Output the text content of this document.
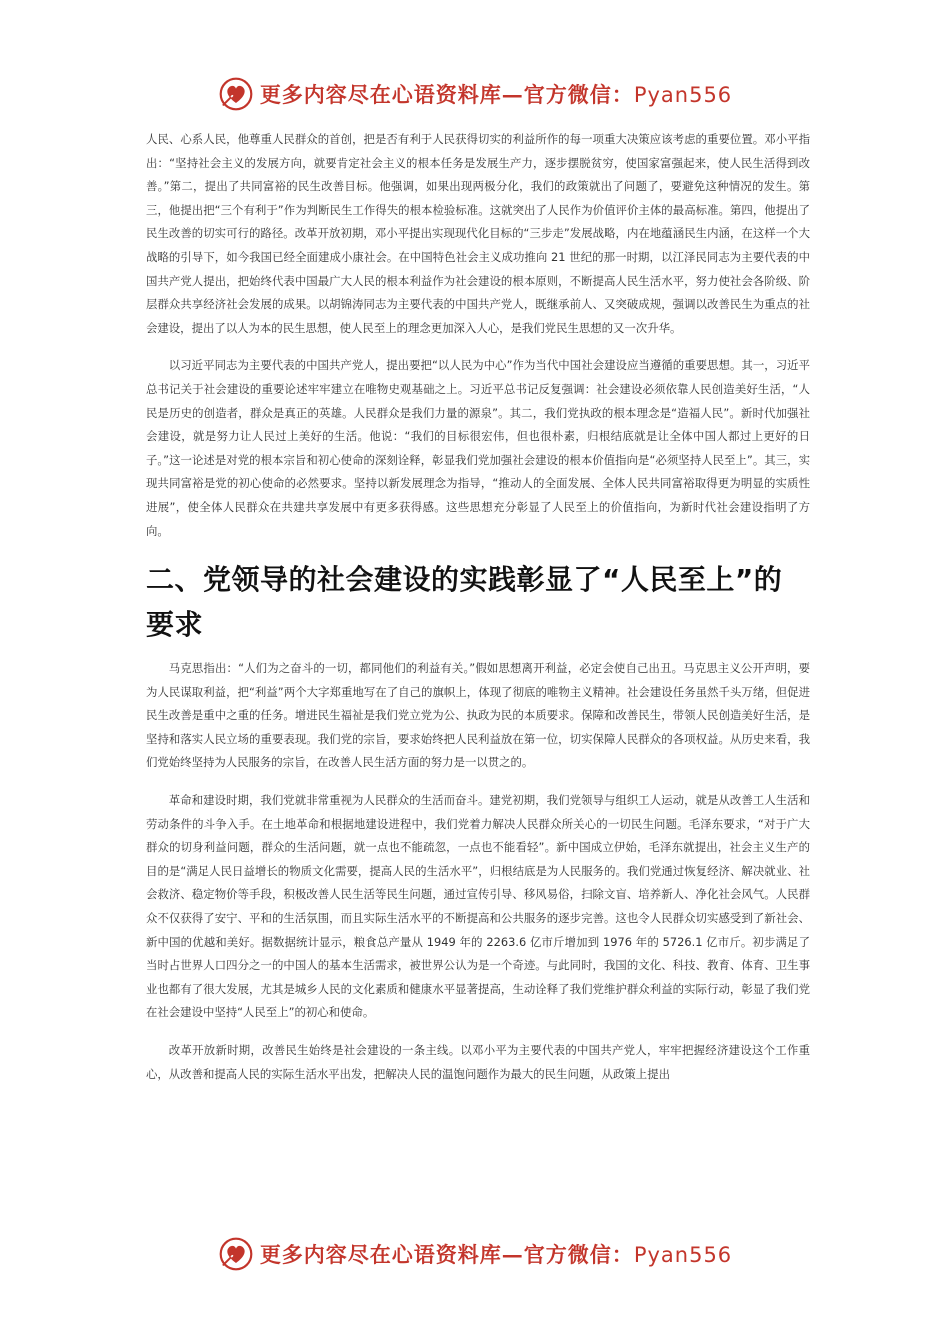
更多内容尽在心语资料库—官方微信：Pyan556

人民、心系人民，他尊重人民群众的首创，把是否有利于人民获得切实的利益所作的每一项重大决策应该考虑的重要位置。邓小平指出：“坚持社会主义的发展方向，就要肯定社会主义的根本任务是发展生产力，逐步摆脱贫穷，使国家富强起来，使人民生活得到改善。”第二，提出了共同富裕的民生改善目标。他强调，如果出现两极分化，我们的政策就出了问题了，要避免这种情况的发生。第三，他提出把“三个有利于”作为判断民生工作得失的根本检验标准。这就突出了人民作为价值评价主体的最高标准。第四，他提出了民生改善的切实可行的路径。改革开放初期，邓小平提出实现现代化目标的“三步走”发展战略，内在地蕴涵民生内涵，在这样一个大战略的引导下，如今我国已经全面建成小康社会。在中国特色社会主义成功推向 21 世纪的那一时期，以江泽民同志为主要代表的中国共产党人提出，把始终代表中国最广大人民的根本利益作为社会建设的根本原则，不断提高人民生活水平，努力使社会各阶级、阶层群众共享经济社会发展的成果。以胡锦涛同志为主要代表的中国共产党人，既继承前人、又突破成规，强调以改善民生为重点的社会建设，提出了以人为本的民生思想，使人民至上的理念更加深入人心，是我们党民生思想的又一次升华。

以习近平同志为主要代表的中国共产党人，提出要把“以人民为中心”作为当代中国社会建设应当遵循的重要思想。其一，习近平总书记关于社会建设的重要论述牢牢建立在唯物史观基础之上。习近平总书记反复强调：社会建设必须依靠人民创造美好生活，“人民是历史的创造者，群众是真正的英雄。人民群众是我们力量的源泉”。其二，我们党执政的根本理念是“造福人民”。新时代加强社会建设，就是努力让人民过上美好的生活。他说：“我们的目标很宏伟，但也很朴素，归根结底就是让全体中国人都过上更好的日子。”这一论述是对党的根本宗旨和初心使命的深刻诠释，彰显我们党加强社会建设的根本价值指向是“必须坚持人民至上”。其三，实现共同富裕是党的初心使命的必然要求。坚持以新发展理念为指导，“推动人的全面发展、全体人民共同富裕取得更为明显的实质性进展”，使全体人民群众在共建共享发展中有更多获得感。这些思想充分彰显了人民至上的价值指向，为新时代社会建设指明了方向。

二、党领导的社会建设的实践彰显了“人民至上”的要求

马克思指出：“人们为之奋斗的一切，都同他们的利益有关。”假如思想离开利益，必定会使自己出丑。马克思主义公开声明，要为人民谋取利益，把“利益”两个大字郑重地写在了自己的旗帜上，体现了彻底的唯物主义精神。社会建设任务虽然千头万绪，但促进民生改善是重中之重的任务。增进民生福祉是我们党立党为公、执政为民的本质要求。保障和改善民生，带领人民创造美好生活，是坚持和落实人民立场的重要表现。我们党的宗旨，要求始终把人民利益放在第一位，切实保障人民群众的各项权益。从历史来看，我们党始终坚持为人民服务的宗旨，在改善人民生活方面的努力是一以贯之的。

革命和建设时期，我们党就非常重视为人民群众的生活而奋斗。建党初期，我们党领导与组织工人运动，就是从改善工人生活和劳动条件的斗争入手。在土地革命和根据地建设进程中，我们党着力解决人民群众所关心的一切民生问题。毛泽东要求，“对于广大群众的切身利益问题，群众的生活问题，就一点也不能疏忽，一点也不能看轻”。新中国成立伊始，毛泽东就提出，社会主义生产的目的是“满足人民日益增长的物质文化需要，提高人民的生活水平”，归根结底是为人民服务的。我们党通过恢复经济、解决就业、社会救济、稳定物价等手段，积极改善人民生活等民生问题，通过宣传引导、移风易俗，扫除文盲、培养新人、净化社会风气。人民群众不仅获得了安宁、平和的生活氛围，而且实际生活水平的不断提高和公共服务的逐步完善。这也令人民群众切实感受到了新社会、新中国的优越和美好。据数据统计显示，粮食总产量从 1949 年的 2263.6 亿市斤增加到 1976 年的 5726.1 亿市斤。初步满足了当时占世界人口四分之一的中国人的基本生活需求，被世界公认为是一个奇迹。与此同时，我国的文化、科技、教育、体育、卫生事业也都有了很大发展，尤其是城乡人民的文化素质和健康水平显著提高，生动诠释了我们党维护群众利益的实际行动，彰显了我们党在社会建设中坚持“人民至上”的初心和使命。

改革开放新时期，改善民生始终是社会建设的一条主线。以邓小平为主要代表的中国共产党人，牢牢把握经济建设这个工作重心，从改善和提高人民的实际生活水平出发，把解决人民的温饱问题作为最大的民生问题，从政策上提出

更多内容尽在心语资料库—官方微信：Pyan556
